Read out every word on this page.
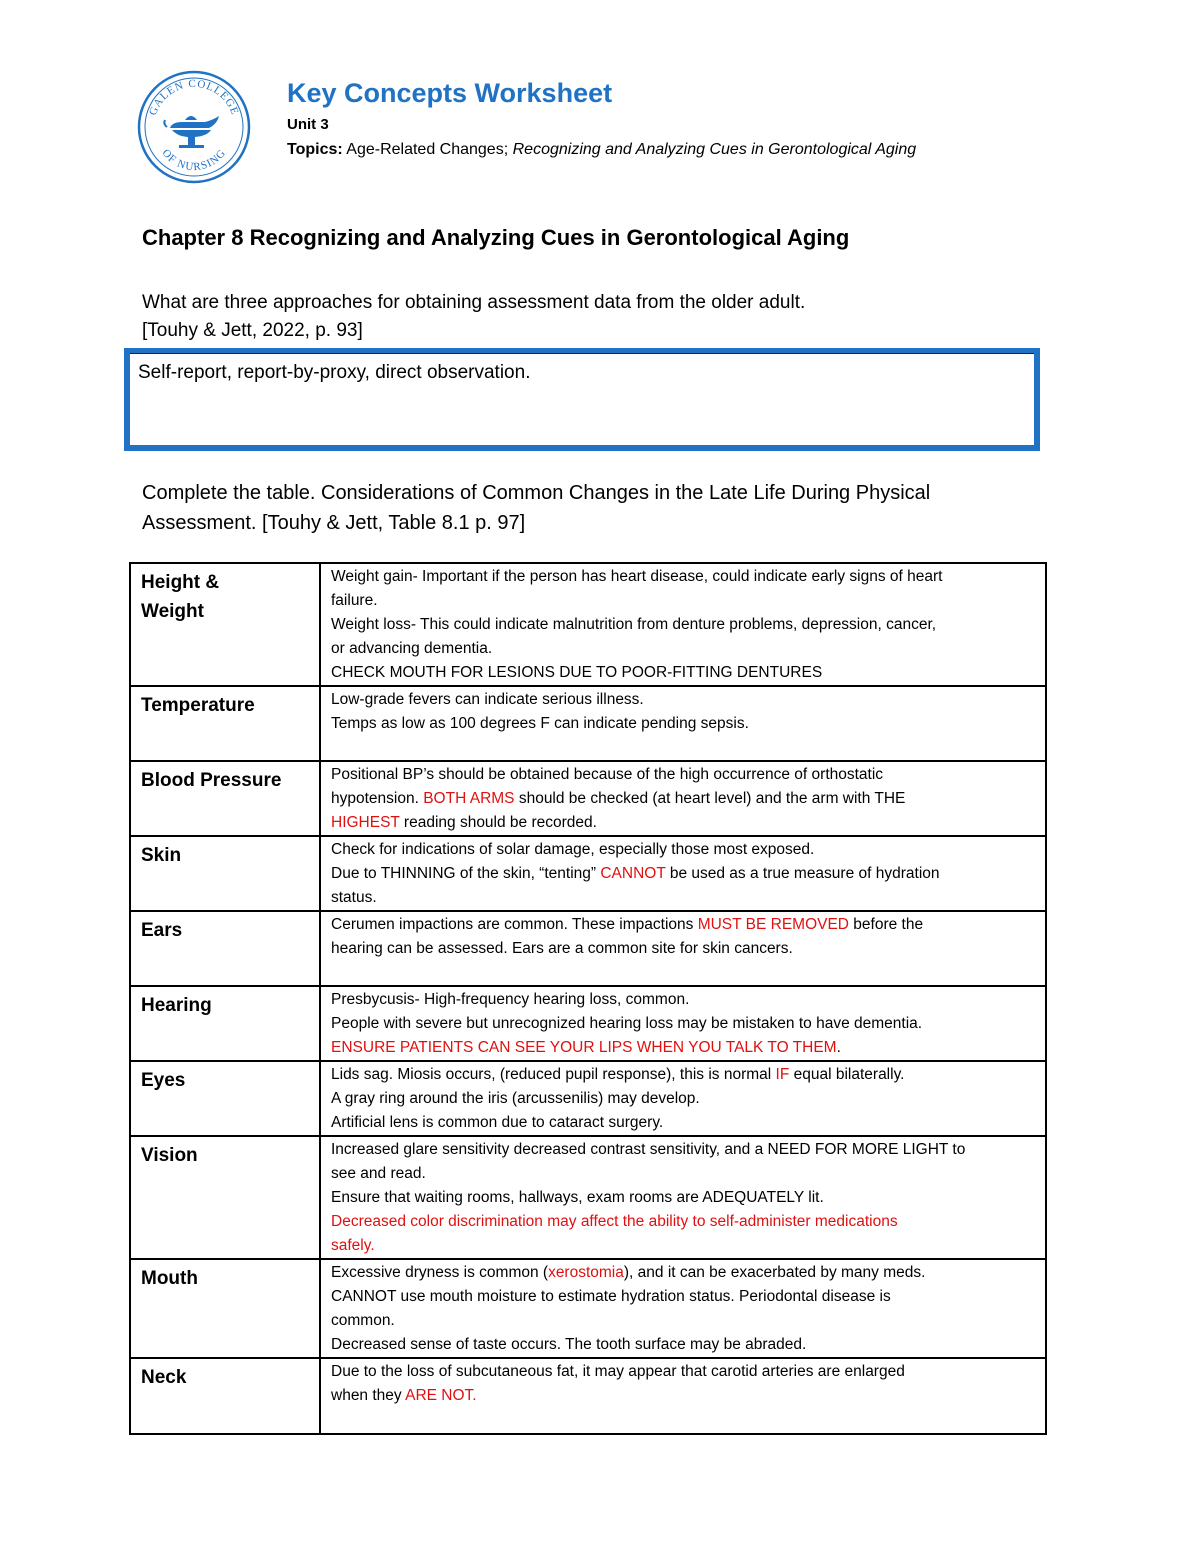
GALEN COLLEGE
OF NURSING
Key Concepts Worksheet
Unit 3
Topics: Age-Related Changes; Recognizing and Analyzing Cues in Gerontological Aging
Chapter 8 Recognizing and Analyzing Cues in Gerontological Aging
What are three approaches for obtaining assessment data from the older adult.
[Touhy & Jett, 2022, p. 93]
Self-report, report-by-proxy, direct observation.
Complete the table. Considerations of Common Changes in the Late Life During Physical
Assessment. [Touhy & Jett, Table 8.1 p. 97]
Height &
Weight	Weight gain- Important if the person has heart disease, could indicate early signs of heart
failure.
Weight loss- This could indicate malnutrition from denture problems, depression, cancer,
or advancing dementia.
CHECK MOUTH FOR LESIONS DUE TO POOR-FITTING DENTURES

Temperature	Low-grade fevers can indicate serious illness.
Temps as low as 100 degrees F can indicate pending sepsis.

Blood Pressure	Positional BP’s should be obtained because of the high occurrence of orthostatic
hypotension. BOTH ARMS should be checked (at heart level) and the arm with THE
HIGHEST reading should be recorded.

Skin	Check for indications of solar damage, especially those most exposed.
Due to THINNING of the skin, “tenting” CANNOT be used as a true measure of hydration
status.

Ears	Cerumen impactions are common. These impactions MUST BE REMOVED before the
hearing can be assessed. Ears are a common site for skin cancers.

Hearing	Presbycusis- High-frequency hearing loss, common.
People with severe but unrecognized hearing loss may be mistaken to have dementia.
ENSURE PATIENTS CAN SEE YOUR LIPS WHEN YOU TALK TO THEM.

Eyes	Lids sag. Miosis occurs, (reduced pupil response), this is normal IF equal bilaterally.
A gray ring around the iris (arcussenilis) may develop.
Artificial lens is common due to cataract surgery.

Vision	Increased glare sensitivity decreased contrast sensitivity, and a NEED FOR MORE LIGHT to
see and read.
Ensure that waiting rooms, hallways, exam rooms are ADEQUATELY lit.
Decreased color discrimination may affect the ability to self-administer medications
safely.

Mouth	Excessive dryness is common (xerostomia), and it can be exacerbated by many meds.
CANNOT use mouth moisture to estimate hydration status. Periodontal disease is
common.
Decreased sense of taste occurs. The tooth surface may be abraded.

Neck	Due to the loss of subcutaneous fat, it may appear that carotid arteries are enlarged
when they ARE NOT.
